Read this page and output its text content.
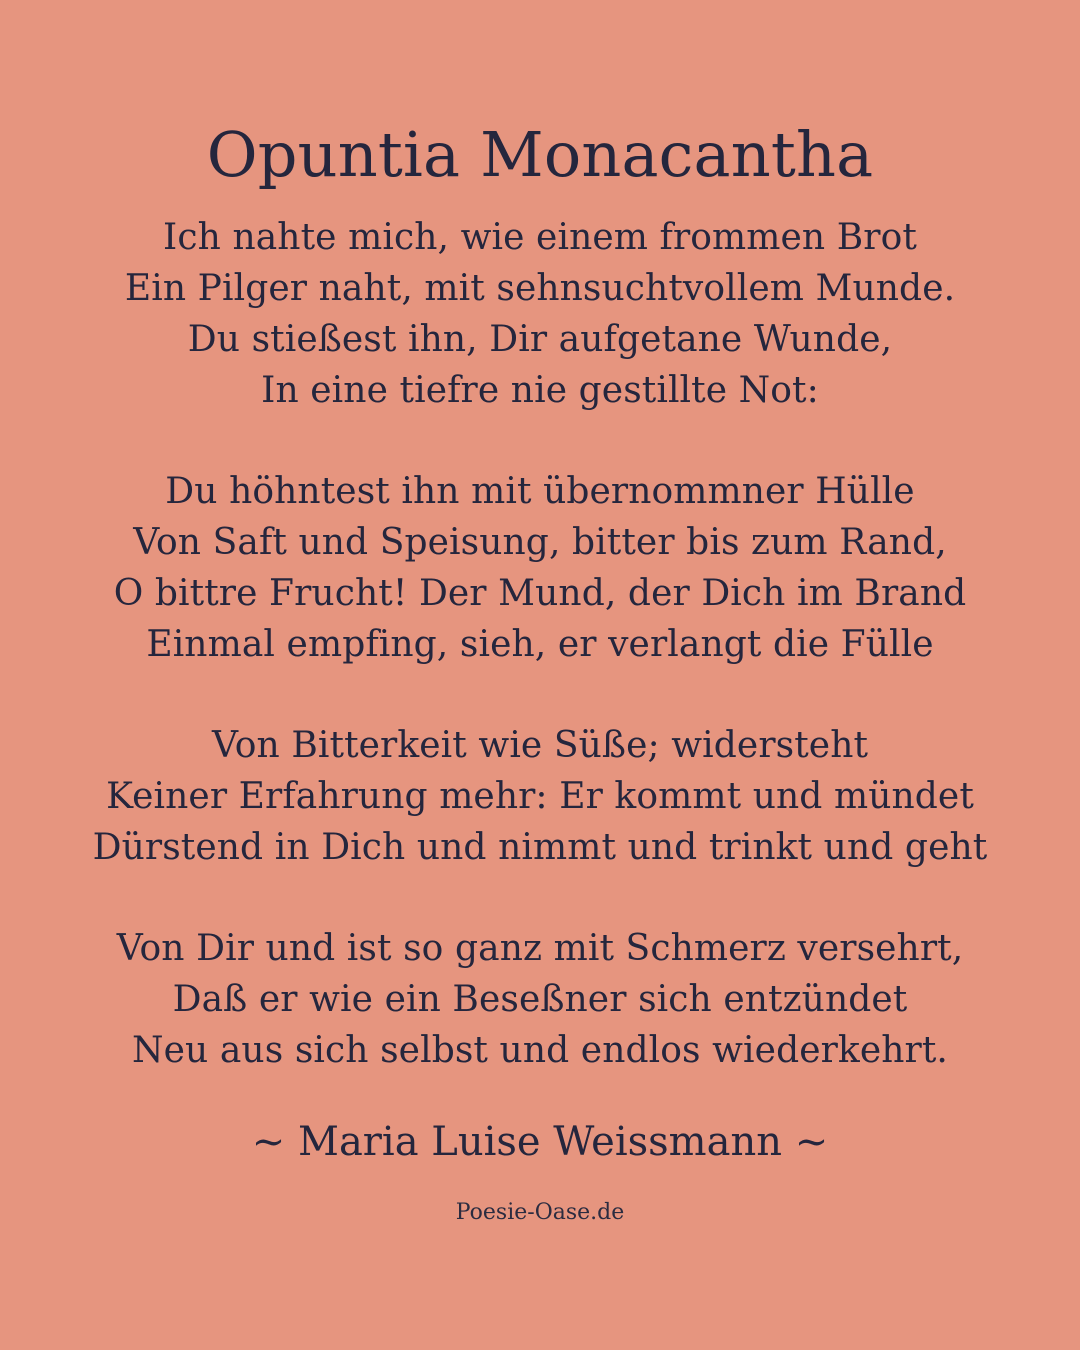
Opuntia Monacantha
Ich nahte mich, wie einem frommen Brot
Ein Pilger naht, mit sehnsuchtvollem Munde.
Du stießest ihn, Dir aufgetane Wunde,
In eine tiefre nie gestillte Not:
Du höhntest ihn mit übernommner Hülle
Von Saft und Speisung, bitter bis zum Rand,
O bittre Frucht! Der Mund, der Dich im Brand
Einmal empfing, sieh, er verlangt die Fülle
Von Bitterkeit wie Süße; widersteht
Keiner Erfahrung mehr: Er kommt und mündet
Dürstend in Dich und nimmt und trinkt und geht
Von Dir und ist so ganz mit Schmerz versehrt,
Daß er wie ein Beseßner sich entzündet
Neu aus sich selbst und endlos wiederkehrt.

~ Maria Luise Weissmann ~

Poesie-Oase.de
